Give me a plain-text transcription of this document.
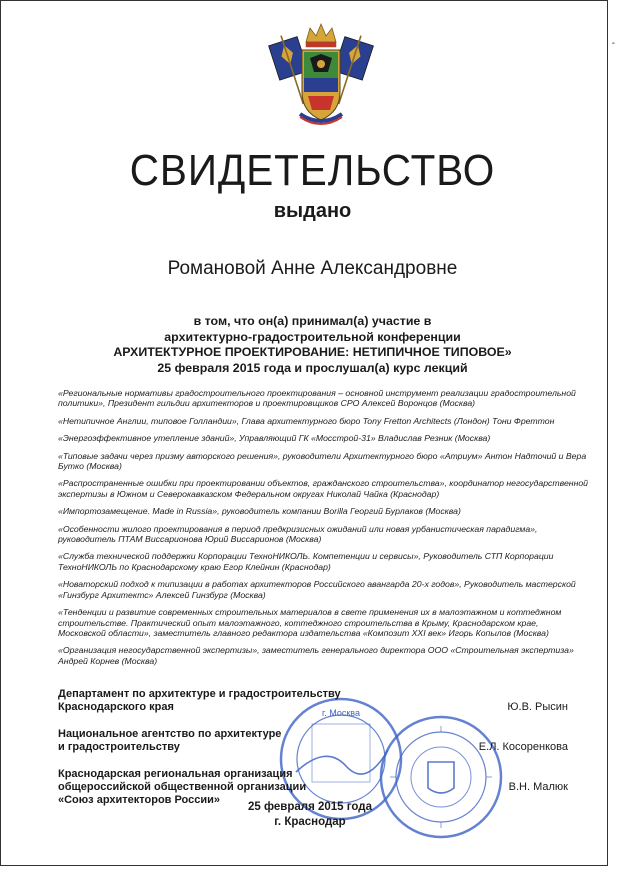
-
СВИДЕТЕЛЬСТВО
выдано
Романовой Анне Александровне
в том, что он(а) принимал(а) участие в
архитектурно-градостроительной конференции
АРХИТЕКТУРНОЕ ПРОЕКТИРОВАНИЕ: НЕТИПИЧНОЕ ТИПОВОЕ»
25 февраля 2015 года и прослушал(а) курс лекций

«Региональные нормативы градостроительного проектирования – основной инструмент реализации градостроительной политики», Президент гильдии архитекторов и проектировщиков СРО Алексей Воронцов (Москва)

«Нетипичное Англии, типовое Голландии», Глава архитектурного бюро Tony Fretton Architects (Лондон) Тони Фреттон

«Энергоэффективное утепление зданий», Управляющий ГК «Мосстрой-31» Владислав Резник (Москва)

«Типовые задачи через призму авторского решения», руководители Архитектурного бюро «Атриум» Антон Надточий и Вера Бутко (Москва)

«Распространенные ошибки при проектировании объектов, гражданского строительства», координатор негосударственной экспертизы в Южном и Северокавказском Федеральном округах Николай Чайка (Краснодар)

«Импортозамещение. Made in Russia», руководитель компании Borilla Георгий Бурлаков (Москва)

«Особенности жилого проектирования в период предкризисных ожиданий или новая урбанистическая парадигма», руководитель ПТАМ Виссарионова Юрий Виссарионов (Москва)

«Служба технической поддержки Корпорации ТехноНИКОЛЬ. Компетенции и сервисы», Руководитель СТП Корпорации ТехноНИКОЛЬ по Краснодарскому краю Егор Клейнин (Краснодар)

«Новаторский подход к типизации в работах архитекторов Российского авангарда 20-х годов», Руководитель мастерской «Гинзбург Архитектс» Алексей Гинзбург (Москва)

«Тенденции и развитие современных строительных материалов в свете применения их в малоэтажном и коттеджном строительстве. Практический опыт малоэтажного, коттеджного строительства в Крыму, Краснодарском крае, Московской области», заместитель главного редактора издательства «Композит XXI век» Игорь Копылов (Москва)

«Организация негосударственной экспертизы», заместитель генерального директора ООО «Строительная экспертиза» Андрей Корнев (Москва)

г. Москва
Департамент по архитектуре и градостроительству
Краснодарского края	Ю.В. Рысин
Национальное агентство по архитектуре
и градостроительству	Е.Л. Косоренкова
Краснодарская региональная организация
общероссийской общественной организации
«Союз архитекторов России»
В.Н. Малюк
25 февраля 2015 года
г. Краснодар
